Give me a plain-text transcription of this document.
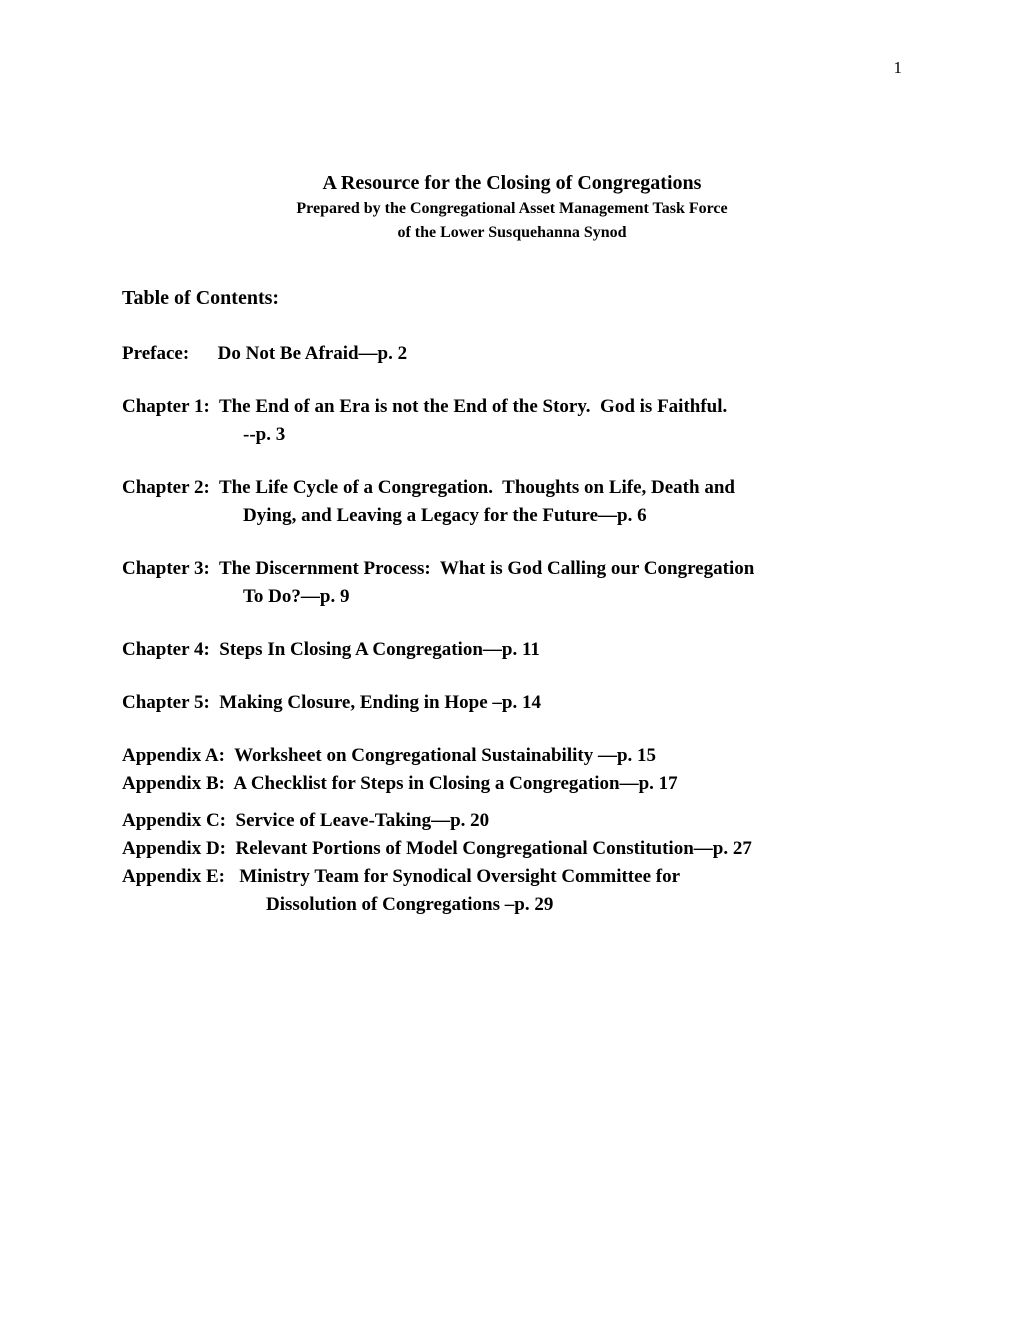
1
A Resource for the Closing of Congregations
Prepared by the Congregational Asset Management Task Force
of the Lower Susquehanna Synod
Table of Contents:
Preface:      Do Not Be Afraid—p. 2
Chapter 1:  The End of an Era is not the End of the Story.  God is Faithful.
--p. 3
Chapter 2:  The Life Cycle of a Congregation.  Thoughts on Life, Death and
Dying, and Leaving a Legacy for the Future—p. 6
Chapter 3:  The Discernment Process:  What is God Calling our Congregation
To Do?—p. 9
Chapter 4:  Steps In Closing A Congregation—p. 11
Chapter 5:  Making Closure, Ending in Hope –p. 14
Appendix A:  Worksheet on Congregational Sustainability —p. 15
Appendix B:  A Checklist for Steps in Closing a Congregation—p. 17
Appendix C:  Service of Leave-Taking—p. 20
Appendix D:  Relevant Portions of Model Congregational Constitution—p. 27
Appendix E:   Ministry Team for Synodical Oversight Committee for
Dissolution of Congregations –p. 29
